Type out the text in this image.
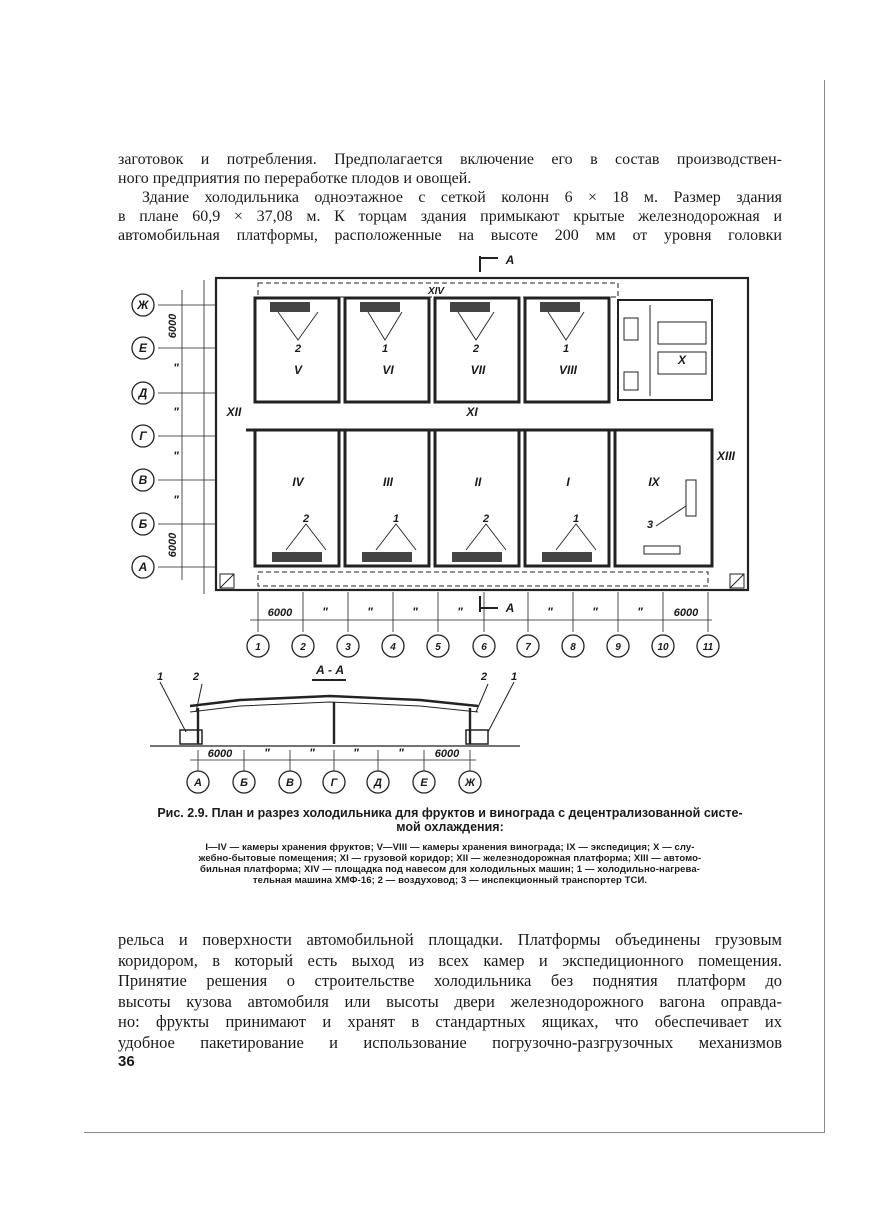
заготовок и потребления. Предполагается включение его в состав производствен-
ного предприятия по переработке плодов и овощей.
Здание холодильника одноэтажное с сеткой колонн 6 × 18 м. Размер здания
в плане 60,9 × 37,08 м. К торцам здания примыкают крытые железнодорожная и
автомобильная платформы, расположенные на высоте 200 мм от уровня головки
А
А
А - А
Ж
Е
Д
Г
В
Б
А
1	2	3	4	5	6	7	8	9	10	11
6000 "	"	"	"	"	"	"	6000
6000
6000
"
"
"
"
V	VI	VII	VIII
X
IV	III	II	I	IX
XI
XII
XIII
XIV
2	1	2	1
2	1	2	1	3
1	2	2 1
6000	"	"	"	"	6000
А	Б	В	Г	Д	Е	Ж
Рис. 2.9. План и разрез холодильника для фруктов и винограда с децентрализованной систе-
мой охлаждения:
I—IV — камеры хранения фруктов; V—VIII — камеры хранения винограда; IX — экспедиция; X — слу-
жебно-бытовые помещения; XI — грузовой коридор; XII — железнодорожная платформа; XIII — автомо-
бильная платформа; XIV — площадка под навесом для холодильных машин; 1 — холодильно-нагрева-
тельная машина ХМФ-16; 2 — воздуховод; 3 — инспекционный транспортер ТСИ.
рельса и поверхности автомобильной площадки. Платформы объединены грузовым
коридором, в который есть выход из всех камер и экспедиционного помещения.
Принятие решения о строительстве холодильника без поднятия платформ до
высоты кузова автомобиля или высоты двери железнодорожного вагона оправда-
но: фрукты принимают и хранят в стандартных ящиках, что обеспечивает их
удобное пакетирование и использование погрузочно-разгрузочных механизмов
36
